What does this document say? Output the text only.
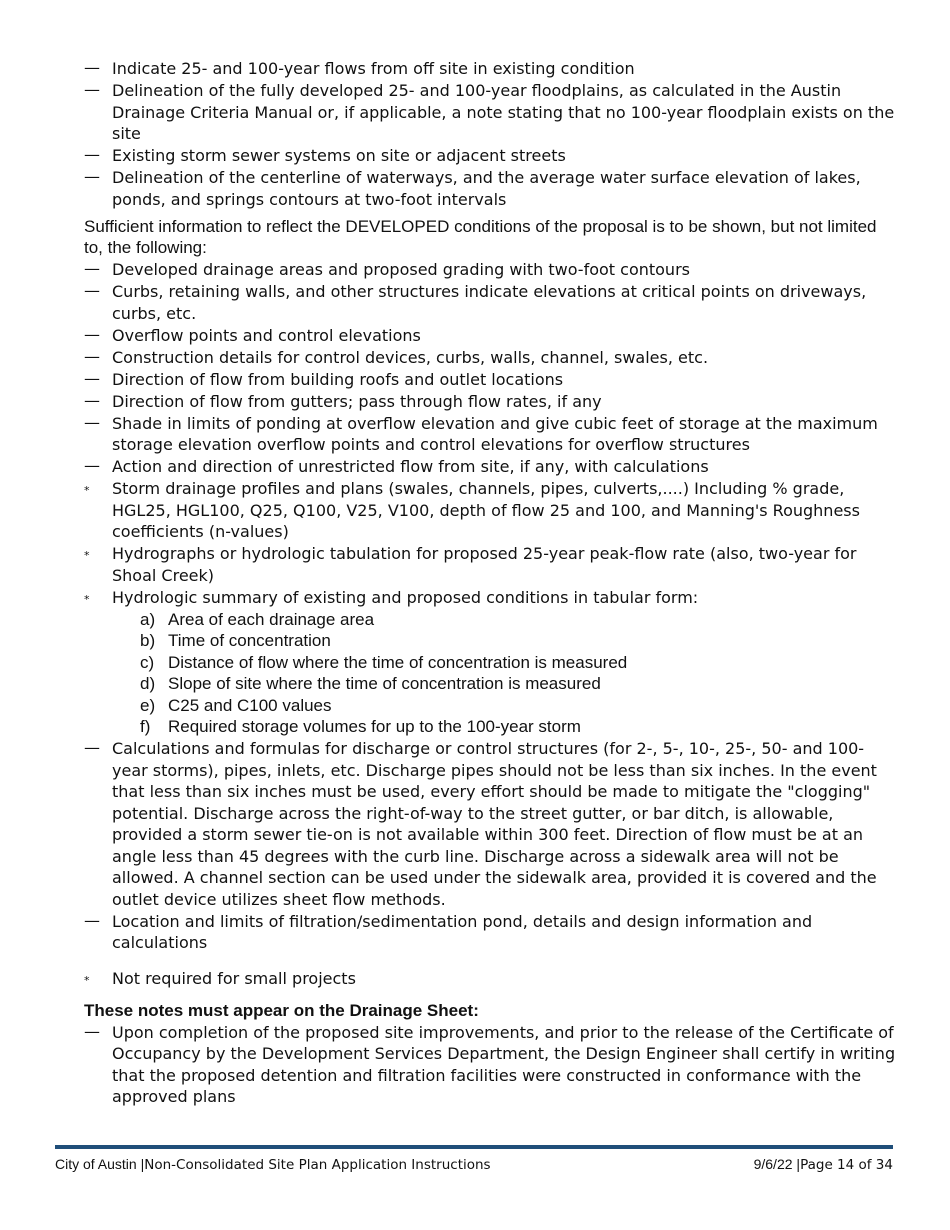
— Indicate 25- and 100-year flows from off site in existing condition
— Delineation of the fully developed 25- and 100-year floodplains, as calculated in the Austin Drainage Criteria Manual or, if applicable, a note stating that no 100-year floodplain exists on the site
— Existing storm sewer systems on site or adjacent streets
— Delineation of the centerline of waterways, and the average water surface elevation of lakes, ponds, and springs contours at two-foot intervals

Sufficient information to reflect the DEVELOPED conditions of the proposal is to be shown, but not limited to, the following:

— Developed drainage areas and proposed grading with two-foot contours
— Curbs, retaining walls, and other structures indicate elevations at critical points on driveways, curbs, etc.
— Overflow points and control elevations
— Construction details for control devices, curbs, walls, channel, swales, etc.
— Direction of flow from building roofs and outlet locations
— Direction of flow from gutters; pass through flow rates, if any
— Shade in limits of ponding at overflow elevation and give cubic feet of storage at the maximum storage elevation overflow points and control elevations for overflow structures
— Action and direction of unrestricted flow from site, if any, with calculations
*	Storm drainage profiles and plans (swales, channels, pipes, culverts,....) Including % grade, HGL25, HGL100, Q25, Q100, V25, V100, depth of flow 25 and 100, and Manning's Roughness coefficients (n-values)
*	Hydrographs or hydrologic tabulation for proposed 25-year peak-flow rate (also, two-year for Shoal Creek)
*	Hydrologic summary of existing and proposed conditions in tabular form:
a) Area of each drainage area
b) Time of concentration
c) Distance of flow where the time of concentration is measured
d) Slope of site where the time of concentration is measured
e) C25 and C100 values
f) Required storage volumes for up to the 100-year storm
— Calculations and formulas for discharge or control structures (for 2-, 5-, 10-, 25-, 50- and 100-year storms), pipes, inlets, etc. Discharge pipes should not be less than six inches. In the event that less than six inches must be used, every effort should be made to mitigate the "clogging" potential. Discharge across the right-of-way to the street gutter, or bar ditch, is allowable, provided a storm sewer tie-on is not available within 300 feet. Direction of flow must be at an angle less than 45 degrees with the curb line. Discharge across a sidewalk area will not be allowed. A channel section can be used under the sidewalk area, provided it is covered and the outlet device utilizes sheet flow methods.
— Location and limits of filtration/sedimentation pond, details and design information and calculations
*	Not required for small projects

These notes must appear on the Drainage Sheet:

— Upon completion of the proposed site improvements, and prior to the release of the Certificate of Occupancy by the Development Services Department, the Design Engineer shall certify in writing that the proposed detention and filtration facilities were constructed in conformance with the approved plans
City of Austin |Non-Consolidated Site Plan Application Instructions	9/6/22 |Page 14 of 34
